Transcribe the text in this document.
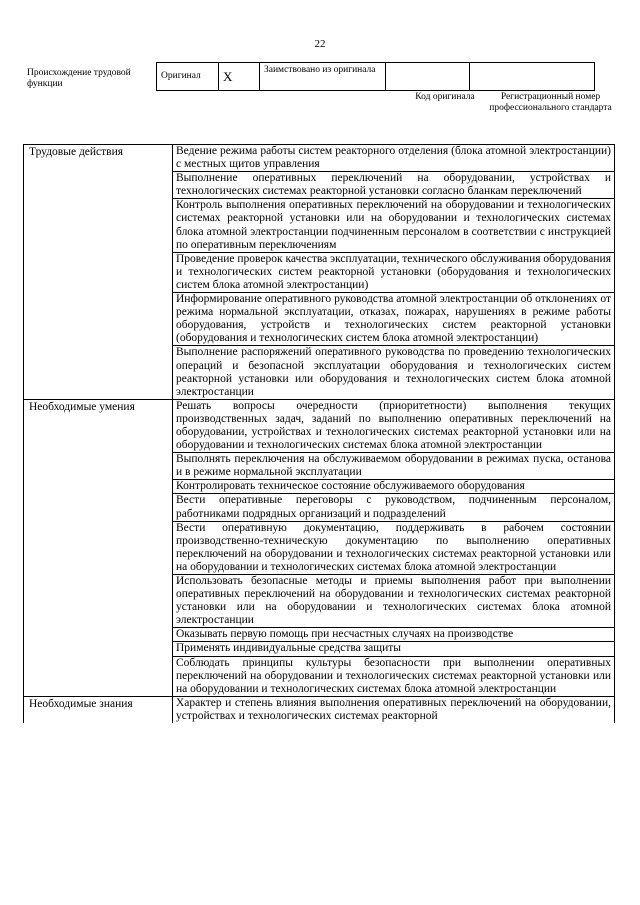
22
Происхождение трудовой функции
Оригинал	X	Заимствовано из оригинала		
Код оригинала	Регистрационный номер профессионального стандарта
Трудовые действия	Ведение режима работы систем реакторного отделения (блока атомной электростанции) с местных щитов управления
	Выполнение оперативных переключений на оборудовании, устройствах и технологических системах реакторной установки согласно бланкам переключений
	Контроль выполнения оперативных переключений на оборудовании и технологических системах реакторной установки или на оборудовании и технологических системах блока атомной электростанции подчиненным персоналом в соответствии с инструкцией по оперативным переключениям
	Проведение проверок качества эксплуатации, технического обслуживания оборудования и технологических систем реакторной установки (оборудования и технологических систем блока атомной электростанции)
	Информирование оперативного руководства атомной электростанции об отклонениях от режима нормальной эксплуатации, отказах, пожарах, нарушениях в режиме работы оборудования, устройств и технологических систем реакторной установки (оборудования и технологических систем блока атомной электростанции)
	Выполнение распоряжений оперативного руководства по проведению технологических операций и безопасной эксплуатации оборудования и технологических систем реакторной установки или оборудования и технологических систем блока атомной электростанции
Необходимые умения	Решать вопросы очередности (приоритетности) выполнения текущих производственных задач, заданий по выполнению оперативных переключений на оборудовании, устройствах и технологических системах реакторной установки или на оборудовании и технологических системах блока атомной электростанции
	Выполнять переключения на обслуживаемом оборудовании в режимах пуска, останова и в режиме нормальной эксплуатации
	Контролировать техническое состояние обслуживаемого оборудования
	Вести оперативные переговоры с руководством, подчиненным персоналом, работниками подрядных организаций и подразделений
	Вести оперативную документацию, поддерживать в рабочем состоянии производственно-техническую документацию по выполнению оперативных переключений на оборудовании и технологических системах реакторной установки или на оборудовании и технологических системах блока атомной электростанции
	Использовать безопасные методы и приемы выполнения работ при выполнении оперативных переключений на оборудовании и технологических системах реакторной установки или на оборудовании и технологических системах блока атомной электростанции
	Оказывать первую помощь при несчастных случаях на производстве
	Применять индивидуальные средства защиты
	Соблюдать принципы культуры безопасности при выполнении оперативных переключений на оборудовании и технологических системах реакторной установки или на оборудовании и технологических системах блока атомной электростанции
Необходимые знания	Характер и степень влияния выполнения оперативных переключений на оборудовании, устройствах и технологических системах реакторной
